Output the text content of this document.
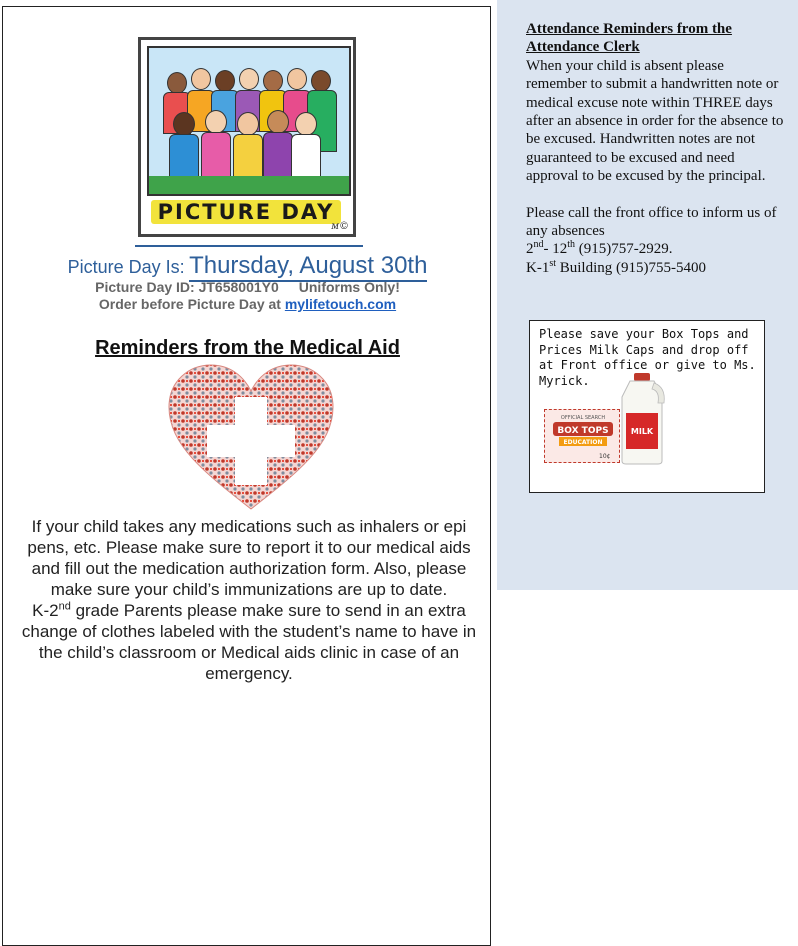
PICTURE DAY
ᴍ©
Picture Day Is: Thursday, August 30th
Picture Day ID: JT658001Y0 Uniforms Only!
Order before Picture Day at mylifetouch.com
Reminders from the Medical Aid

If your child takes any medications such as inhalers or epi pens, etc. Please make sure to report it to our medical aids and fill out the medication authorization form. Also, please make sure your child’s immunizations are up to date.

K-2nd grade Parents please make sure to send in an extra change of clothes labeled with the student’s name to have in the child’s classroom or Medical aids clinic in case of an emergency.

Attendance Reminders from the Attendance Clerk

When your child is absent please remember to submit a handwritten note or medical excuse note within THREE days after an absence in order for the absence to be excused. Handwritten notes are not guaranteed to be excused and need approval to be excused by the principal.

Please call the front office to inform us of any absences

2nd- 12th (915)757-2929.

K-1st Building (915)755-5400

Please save your Box Tops and Prices Milk Caps and drop off at Front office or give to Ms. Myrick.
OFFICIAL SEARCH
BOX TOPS
EDUCATION
10¢
MILK
